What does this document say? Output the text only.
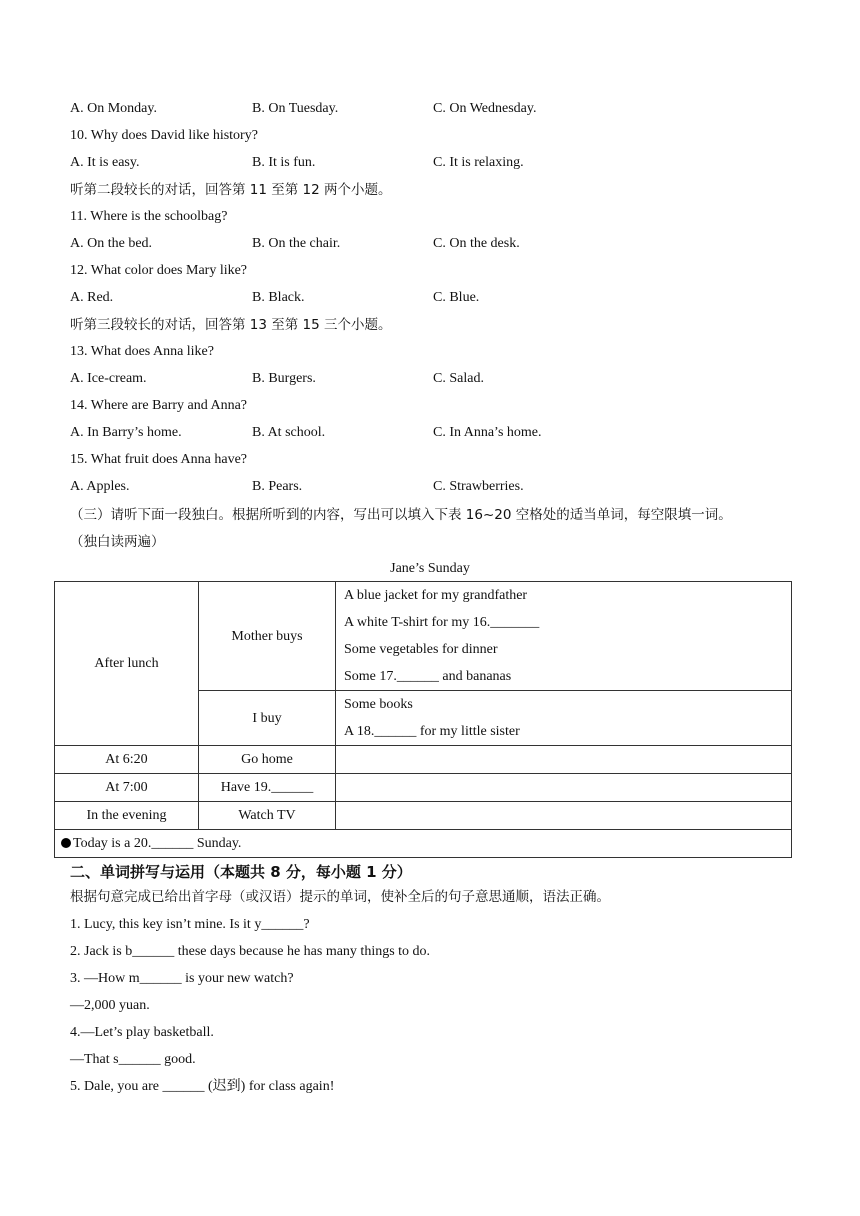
A. On Monday.	B. On Tuesday.	C. On Wednesday.
10. Why does David like history?
A. It is easy.	B. It is fun.	C. It is relaxing.
听第二段较长的对话，回答第 11 至第 12 两个小题。
11. Where is the schoolbag?
A. On the bed.	B. On the chair.	C. On the desk.
12. What color does Mary like?
A. Red.	B. Black.	C. Blue.
听第三段较长的对话，回答第 13 至第 15 三个小题。
13. What does Anna like?
A. Ice-cream.	B. Burgers.	C. Salad.
14. Where are Barry and Anna?
A. In Barry’s home.	B. At school.	C. In Anna’s home.
15. What fruit does Anna have?
A. Apples.	B. Pears.	C. Strawberries.
（三）请听下面一段独白。根据所听到的内容，写出可以填入下表 16~20 空格处的适当单词，每空限填一词。
（独白读两遍）
Jane’s Sunday
After lunch	Mother buys	A blue jacket for my grandfather
A white T-shirt for my 16._______
Some vegetables for dinner
Some 17.______ and bananas

	I buy	Some books
A 18.______ for my little sister

At 6:20	Go home	
At 7:00	Have 19.______	
In the evening	Watch TV	
Today is a 20.______ Sunday.		
二、单词拼写与运用（本题共 8 分，每小题 1 分）
根据句意完成已给出首字母（或汉语）提示的单词，使补全后的句子意思通顺，语法正确。
1. Lucy, this key isn’t mine. Is it y______?
2. Jack is b______ these days because he has many things to do.
3. —How m______ is your new watch?
—2,000 yuan.
4.—Let’s play basketball.
—That s______ good.
5. Dale, you are ______ (迟到) for class again!
